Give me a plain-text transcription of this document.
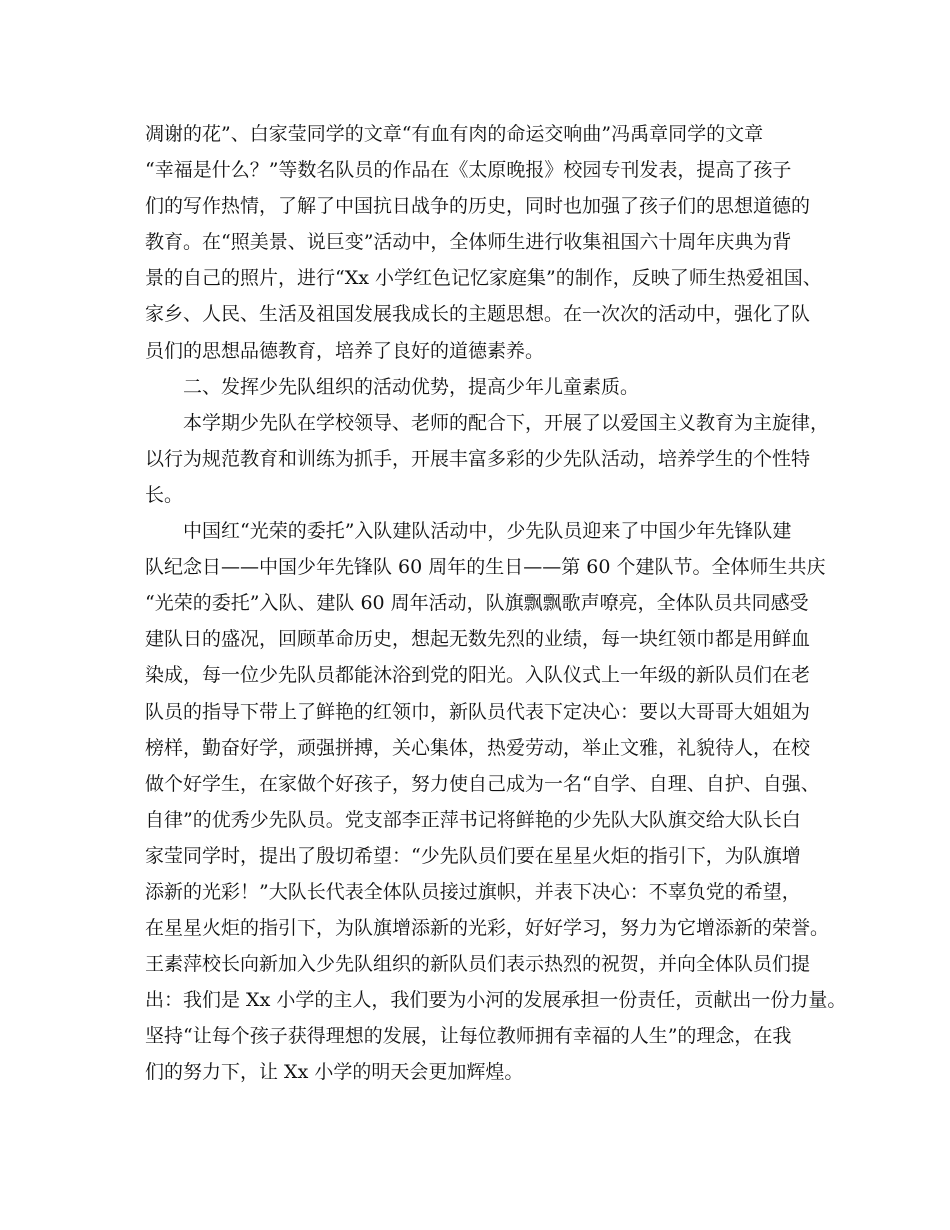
凋谢的花”、白家莹同学的文章“有血有肉的命运交响曲”冯禹章同学的文章
“幸福是什么？”等数名队员的作品在《太原晚报》校园专刊发表，提高了孩子
们的写作热情，了解了中国抗日战争的历史，同时也加强了孩子们的思想道德的
教育。在“照美景、说巨变”活动中，全体师生进行收集祖国六十周年庆典为背
景的自己的照片，进行“Xx 小学红色记忆家庭集”的制作，反映了师生热爱祖国、
家乡、人民、生活及祖国发展我成长的主题思想。在一次次的活动中，强化了队
员们的思想品德教育，培养了良好的道德素养。
　　二、发挥少先队组织的活动优势，提高少年儿童素质。
　　本学期少先队在学校领导、老师的配合下，开展了以爱国主义教育为主旋律，
以行为规范教育和训练为抓手，开展丰富多彩的少先队活动，培养学生的个性特
长。
　　中国红“光荣的委托”入队建队活动中，少先队员迎来了中国少年先锋队建
队纪念日——中国少年先锋队 60 周年的生日——第 60 个建队节。全体师生共庆
“光荣的委托”入队、建队 60 周年活动，队旗飘飘歌声嘹亮，全体队员共同感受
建队日的盛况，回顾革命历史，想起无数先烈的业绩，每一块红领巾都是用鲜血
染成，每一位少先队员都能沐浴到党的阳光。入队仪式上一年级的新队员们在老
队员的指导下带上了鲜艳的红领巾，新队员代表下定决心：要以大哥哥大姐姐为
榜样，勤奋好学，顽强拼搏，关心集体，热爱劳动，举止文雅，礼貌待人，在校
做个好学生，在家做个好孩子，努力使自己成为一名“自学、自理、自护、自强、
自律”的优秀少先队员。党支部李正萍书记将鲜艳的少先队大队旗交给大队长白
家莹同学时，提出了殷切希望：“少先队员们要在星星火炬的指引下，为队旗增
添新的光彩！”大队长代表全体队员接过旗帜，并表下决心：不辜负党的希望，
在星星火炬的指引下，为队旗增添新的光彩，好好学习，努力为它增添新的荣誉。
王素萍校长向新加入少先队组织的新队员们表示热烈的祝贺，并向全体队员们提
出：我们是 Xx 小学的主人，我们要为小河的发展承担一份责任，贡献出一份力量。
坚持“让每个孩子获得理想的发展，让每位教师拥有幸福的人生”的理念，在我
们的努力下，让 Xx 小学的明天会更加辉煌。
